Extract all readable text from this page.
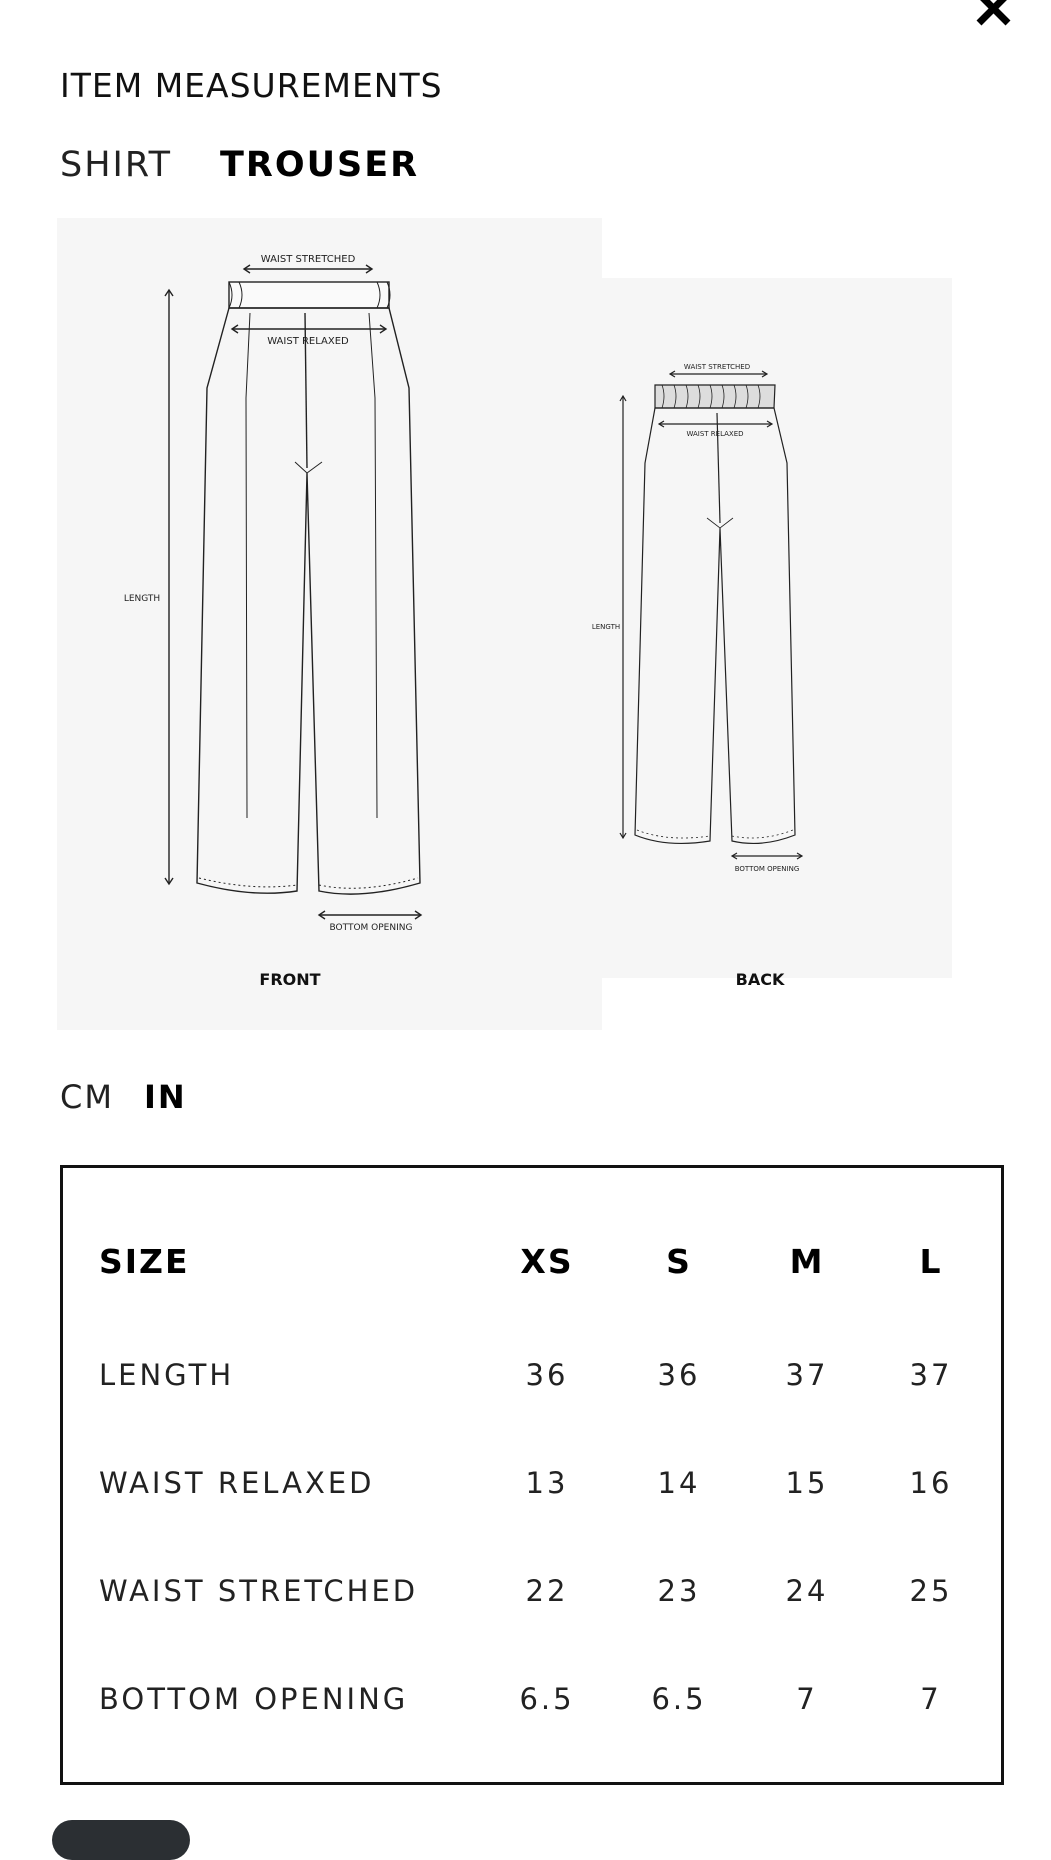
ITEM MEASUREMENTS
SHIRT TROUSER
WAIST STRETCHED
WAIST RELAXED
LENGTH
BOTTOM OPENING
FRONT
WAIST STRETCHED
WAIST RELAXED
LENGTH
BOTTOM OPENING
BACK
CM IN
SIZE	XS	S	M	L
LENGTH	36	36	37	37
WAIST RELAXED	13	14	15	16
WAIST STRETCHED	22	23	24	25
BOTTOM OPENING	6.5	6.5	7	7
